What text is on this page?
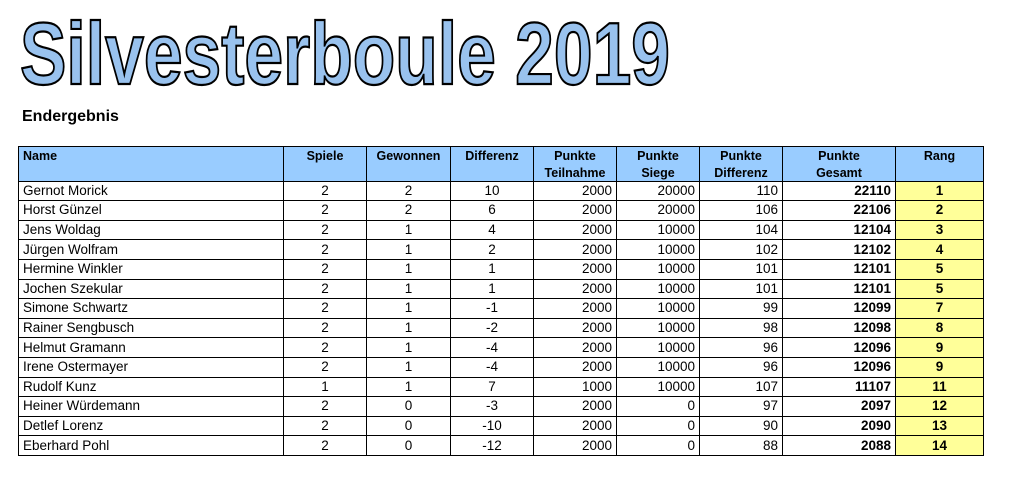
Silvesterboule 2019
Endergebnis
Name	Spiele	Gewonnen	Differenz	Punkte	Punkte	Punkte	Punkte	Rang
				Teilnahme	Siege	Differenz	Gesamt	
Gernot Morick	2	2	10	2000	20000	110	22110	1
Horst Günzel	2	2	6	2000	20000	106	22106	2
Jens Woldag	2	1	4	2000	10000	104	12104	3
Jürgen Wolfram	2	1	2	2000	10000	102	12102	4
Hermine Winkler	2	1	1	2000	10000	101	12101	5
Jochen Szekular	2	1	1	2000	10000	101	12101	5
Simone Schwartz	2	1	-1	2000	10000	99	12099	7
Rainer Sengbusch	2	1	-2	2000	10000	98	12098	8
Helmut Gramann	2	1	-4	2000	10000	96	12096	9
Irene Ostermayer	2	1	-4	2000	10000	96	12096	9
Rudolf Kunz	1	1	7	1000	10000	107	11107	11
Heiner Würdemann	2	0	-3	2000	0	97	2097	12
Detlef Lorenz	2	0	-10	2000	0	90	2090	13
Eberhard Pohl	2	0	-12	2000	0	88	2088	14
